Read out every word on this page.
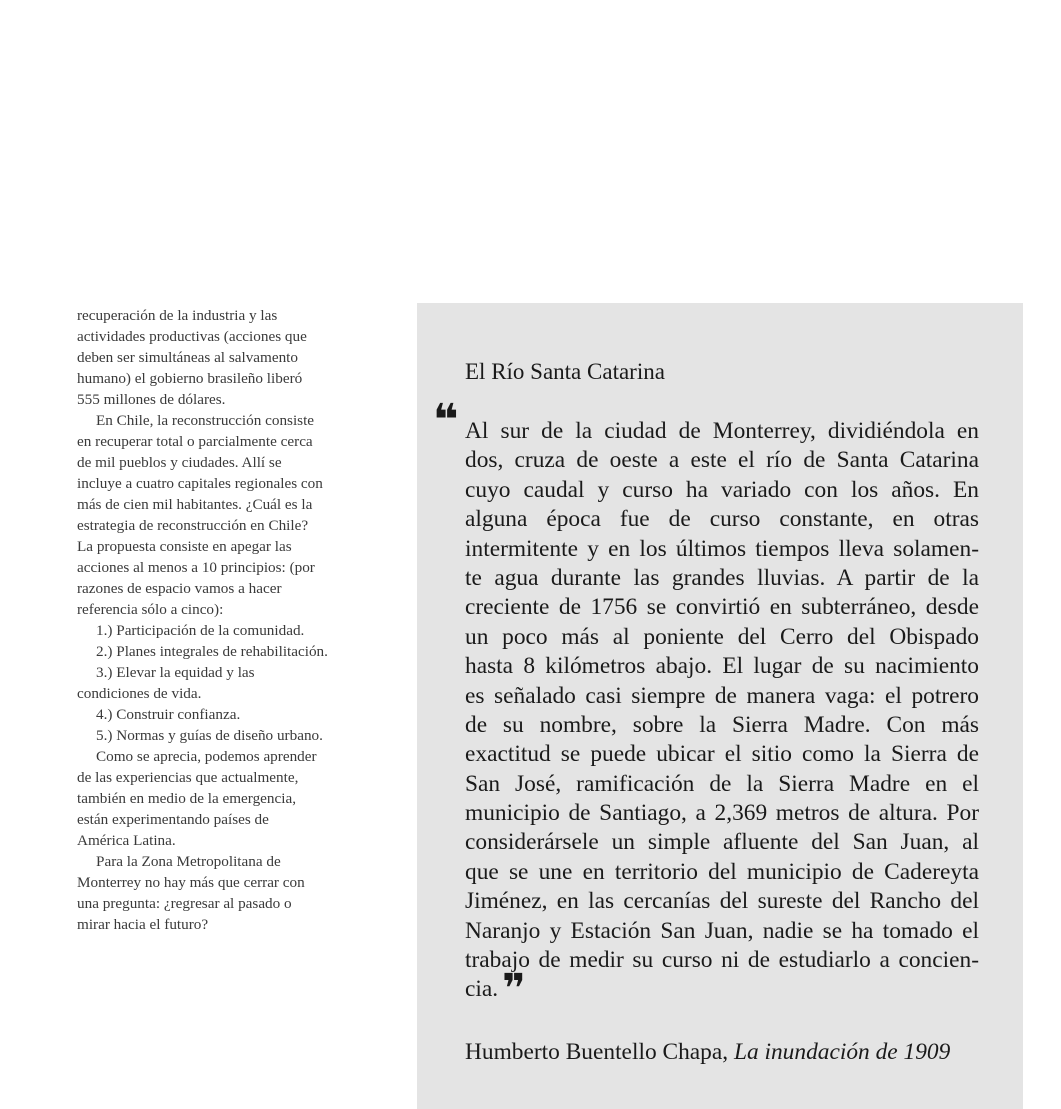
recuperación de la industria y las
actividades productivas (acciones que
deben ser simultáneas al salvamento
humano) el gobierno brasileño liberó
555 millones de dólares.
En Chile, la reconstrucción consiste
en recuperar total o parcialmente cerca
de mil pueblos y ciudades. Allí se
incluye a cuatro capitales regionales con
más de cien mil habitantes. ¿Cuál es la
estrategia de reconstrucción en Chile?
La propuesta consiste en apegar las
acciones al menos a 10 principios: (por
razones de espacio vamos a hacer
referencia sólo a cinco):
1.) Participación de la comunidad.
2.) Planes integrales de rehabilitación.
3.) Elevar la equidad y las
condiciones de vida.
4.) Construir confianza.
5.) Normas y guías de diseño urbano.
Como se aprecia, podemos aprender
de las experiencias que actualmente,
también en medio de la emergencia,
están experimentando países de
América Latina.
Para la Zona Metropolitana de
Monterrey no hay más que cerrar con
una pregunta: ¿regresar al pasado o
mirar hacia el futuro?
El Río Santa Catarina
❝ Al sur de la ciudad de Monterrey, dividiéndola en
dos, cruza de oeste a este el río de Santa Catarina
cuyo caudal y curso ha variado con los años. En
alguna época fue de curso constante, en otras
intermitente y en los últimos tiempos lleva solamen-
te agua durante las grandes lluvias. A partir de la
creciente de 1756 se convirtió en subterráneo, desde
un poco más al poniente del Cerro del Obispado
hasta 8 kilómetros abajo. El lugar de su nacimiento
es señalado casi siempre de manera vaga: el potrero
de su nombre, sobre la Sierra Madre. Con más
exactitud se puede ubicar el sitio como la Sierra de
San José, ramificación de la Sierra Madre en el
municipio de Santiago, a 2,369 metros de altura. Por
considerársele un simple afluente del San Juan, al
que se une en territorio del municipio de Cadereyta
Jiménez, en las cercanías del sureste del Rancho del
Naranjo y Estación San Juan, nadie se ha tomado el
trabajo de medir su curso ni de estudiarlo a concien-
cia. ❞
Humberto Buentello Chapa, La inundación de 1909
